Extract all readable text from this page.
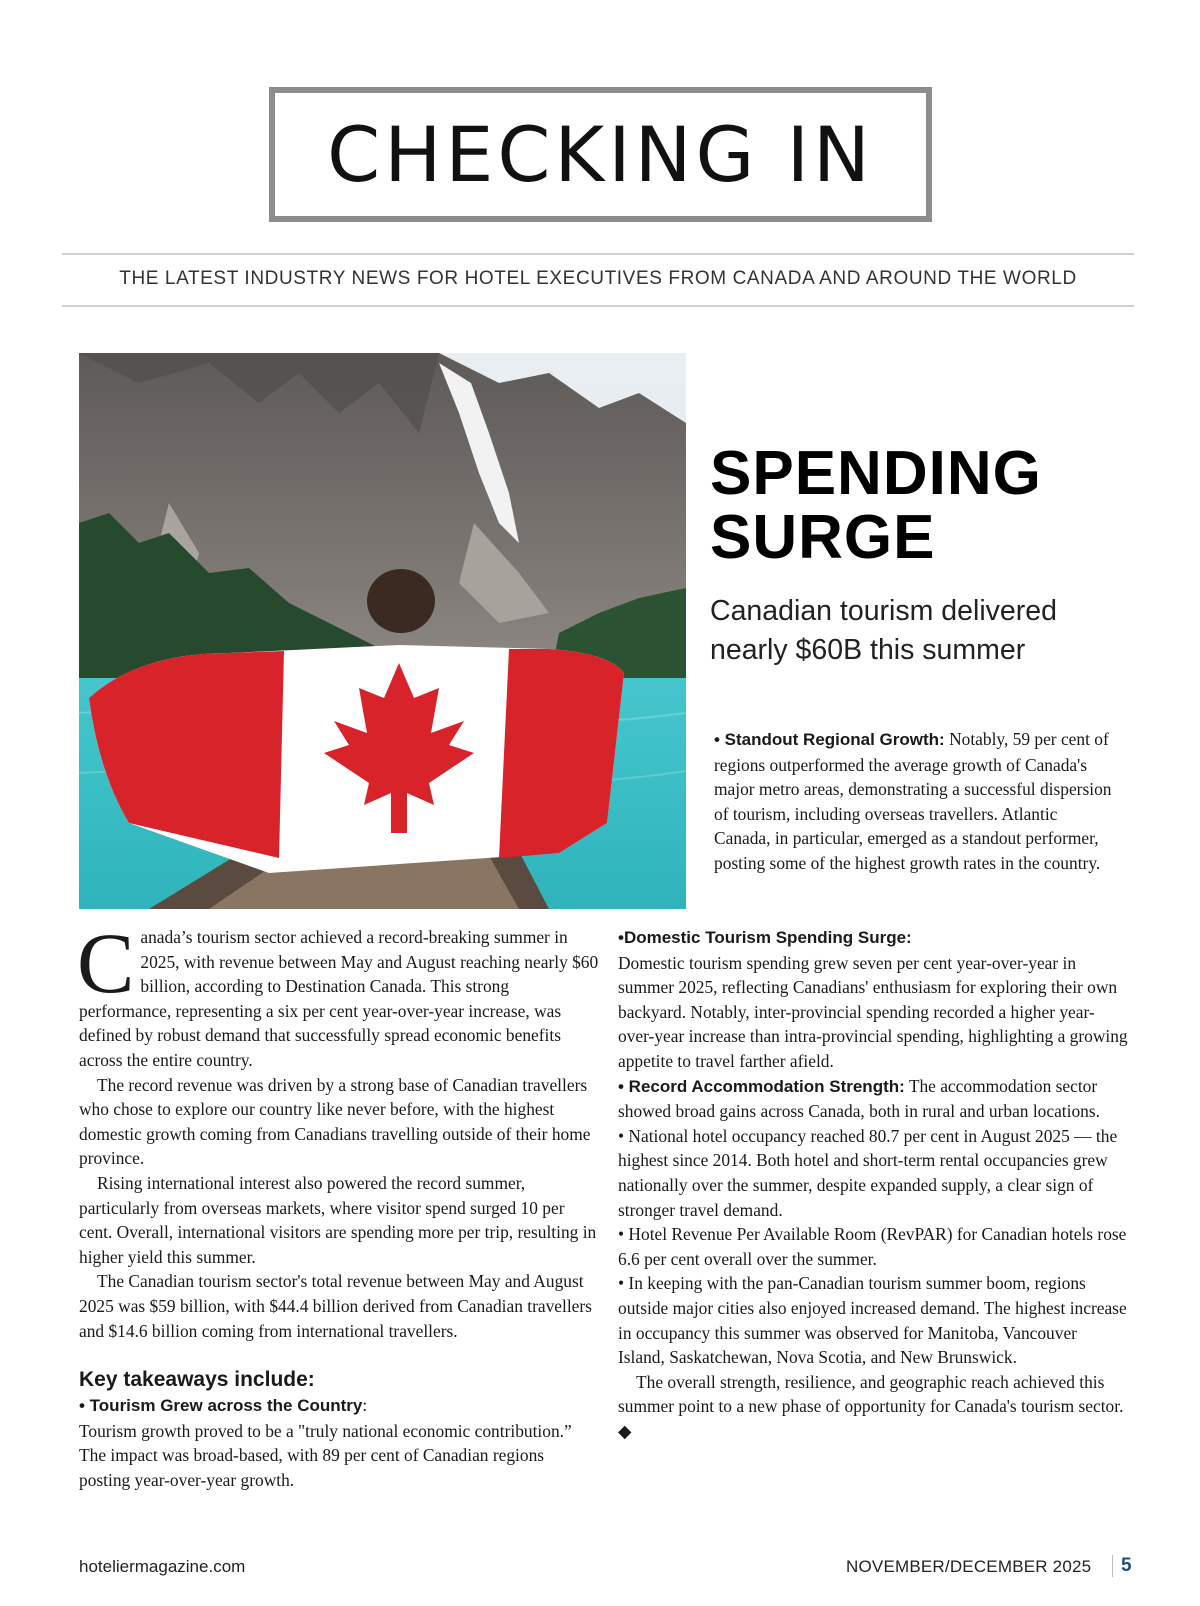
CHECKING IN
THE LATEST INDUSTRY NEWS FOR HOTEL EXECUTIVES FROM CANADA AND AROUND THE WORLD
SPENDING
SURGE

Canadian tourism delivered
nearly $60B this summer

• Standout Regional Growth: Notably, 59 per cent of regions outperformed the average growth of Canada's major metro areas, demonstrating a successful dispersion of tourism, including overseas travellers. Atlantic Canada, in particular, emerged as a standout performer, posting some of the highest growth rates in the country.

Canada’s tourism sector achieved a record-breaking summer in 2025, with revenue between May and August reaching nearly $60 billion, according to Destination Canada. This strong performance, representing a six per cent year-over-year increase, was defined by robust demand that successfully spread economic benefits across the entire country.

The record revenue was driven by a strong base of Canadian travellers who chose to explore our country like never before, with the highest domestic growth coming from Canadians travelling outside of their home province.

Rising international interest also powered the record summer, particularly from overseas markets, where visitor spend surged 10 per cent. Overall, international visitors are spending more per trip, resulting in higher yield this summer.

The Canadian tourism sector's total revenue between May and August 2025 was $59 billion, with $44.4 billion derived from Canadian travellers and $14.6 billion coming from international travellers.

Key takeaways include:

• Tourism Grew across the Country:
Tourism growth proved to be a "truly national economic contribution.” The impact was broad-based, with 89 per cent of Canadian regions posting year-over-year growth.

•Domestic Tourism Spending Surge:
Domestic tourism spending grew seven per cent year-over-year in summer 2025, reflecting Canadians' enthusiasm for exploring their own backyard. Notably, inter-provincial spending recorded a higher year-over-year increase than intra-provincial spending, highlighting a growing appetite to travel farther afield.

• Record Accommodation Strength: The accommodation sector showed broad gains across Canada, both in rural and urban locations.

• National hotel occupancy reached 80.7 per cent in August 2025 — the highest since 2014. Both hotel and short-term rental occupancies grew nationally over the summer, despite expanded supply, a clear sign of stronger travel demand.

• Hotel Revenue Per Available Room (RevPAR) for Canadian hotels rose 6.6 per cent overall over the summer.

• In keeping with the pan-Canadian tourism summer boom, regions outside major cities also enjoyed increased demand. The highest increase in occupancy this summer was observed for Manitoba, Vancouver Island, Saskatchewan, Nova Scotia, and New Brunswick.

The overall strength, resilience, and geographic reach achieved this summer point to a new phase of opportunity for Canada's tourism sector. ◆

hoteliermagazine.com	NOVEMBER/DECEMBER 2025 5
